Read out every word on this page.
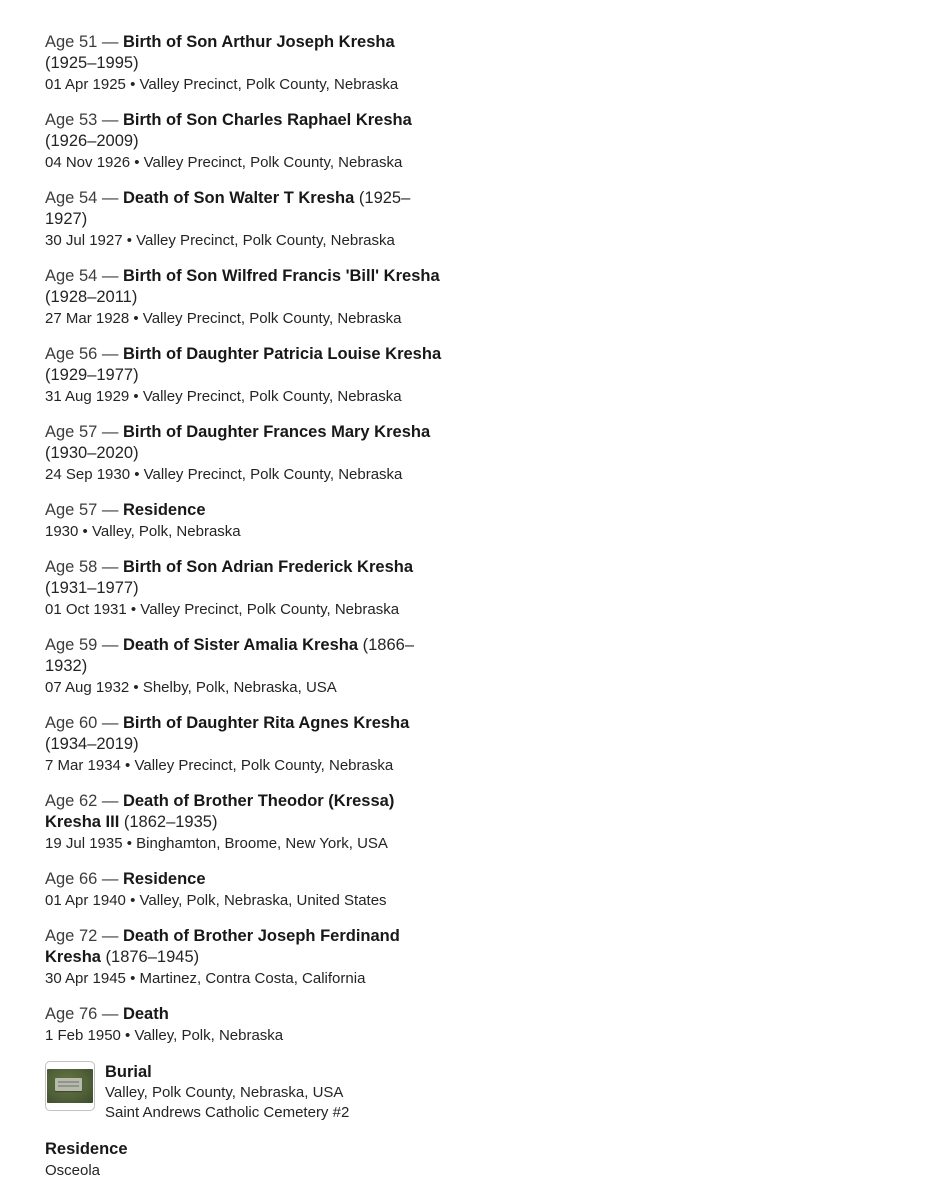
Age 51 — Birth of Son Arthur Joseph Kresha (1925–1995)
01 Apr 1925 • Valley Precinct, Polk County, Nebraska
Age 53 — Birth of Son Charles Raphael Kresha (1926–2009)
04 Nov 1926 • Valley Precinct, Polk County, Nebraska
Age 54 — Death of Son Walter T Kresha (1925–1927)
30 Jul 1927 • Valley Precinct, Polk County, Nebraska
Age 54 — Birth of Son Wilfred Francis 'Bill' Kresha (1928–2011)
27 Mar 1928 • Valley Precinct, Polk County, Nebraska
Age 56 — Birth of Daughter Patricia Louise Kresha (1929–1977)
31 Aug 1929 • Valley Precinct, Polk County, Nebraska
Age 57 — Birth of Daughter Frances Mary Kresha (1930–2020)
24 Sep 1930 • Valley Precinct, Polk County, Nebraska
Age 57 — Residence
1930 • Valley, Polk, Nebraska
Age 58 — Birth of Son Adrian Frederick Kresha (1931–1977)
01 Oct 1931 • Valley Precinct, Polk County, Nebraska
Age 59 — Death of Sister Amalia Kresha (1866–1932)
07 Aug 1932 • Shelby, Polk, Nebraska, USA
Age 60 — Birth of Daughter Rita Agnes Kresha (1934–2019)
7 Mar 1934 • Valley Precinct, Polk County, Nebraska
Age 62 — Death of Brother Theodor (Kressa) Kresha III (1862–1935)
19 Jul 1935 • Binghamton, Broome, New York, USA
Age 66 — Residence
01 Apr 1940 • Valley, Polk, Nebraska, United States
Age 72 — Death of Brother Joseph Ferdinand Kresha (1876–1945)
30 Apr 1945 • Martinez, Contra Costa, California
Age 76 — Death
1 Feb 1950 • Valley, Polk, Nebraska
Burial
Valley, Polk County, Nebraska, USA
Saint Andrews Catholic Cemetery #2
Residence
Osceola
